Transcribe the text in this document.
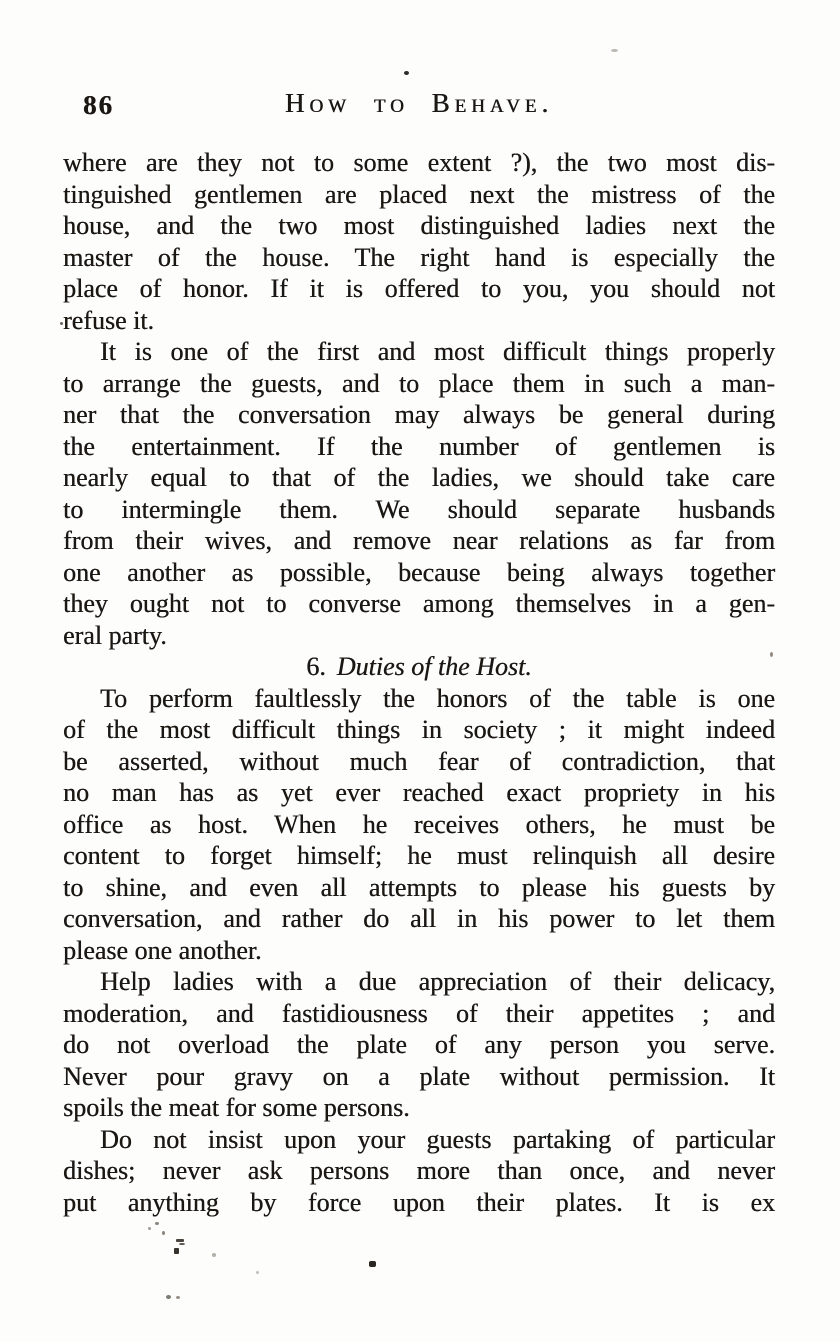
86	How to Behave.
where are they not to some extent ?), the two most dis-
tinguished gentlemen are placed next the mistress of the
house, and the two most distinguished ladies next the
master of the house. The right hand is especially the
place of honor. If it is offered to you, you should not
refuse it.
It is one of the first and most difficult things properly
to arrange the guests, and to place them in such a man-
ner that the conversation may always be general during
the entertainment. If the number of gentlemen is
nearly equal to that of the ladies, we should take care
to intermingle them. We should separate husbands
from their wives, and remove near relations as far from
one another as possible, because being always together
they ought not to converse among themselves in a gen-
eral party.
6. Duties of the Host.
To perform faultlessly the honors of the table is one
of the most difficult things in society ; it might indeed
be asserted, without much fear of contradiction, that
no man has as yet ever reached exact propriety in his
office as host. When he receives others, he must be
content to forget himself; he must relinquish all desire
to shine, and even all attempts to please his guests by
conversation, and rather do all in his power to let them
please one another.
Help ladies with a due appreciation of their delicacy,
moderation, and fastidiousness of their appetites ; and
do not overload the plate of any person you serve.
Never pour gravy on a plate without permission. It
spoils the meat for some persons.
Do not insist upon your guests partaking of particular
dishes; never ask persons more than once, and never
put anything by force upon their plates. It is ex
